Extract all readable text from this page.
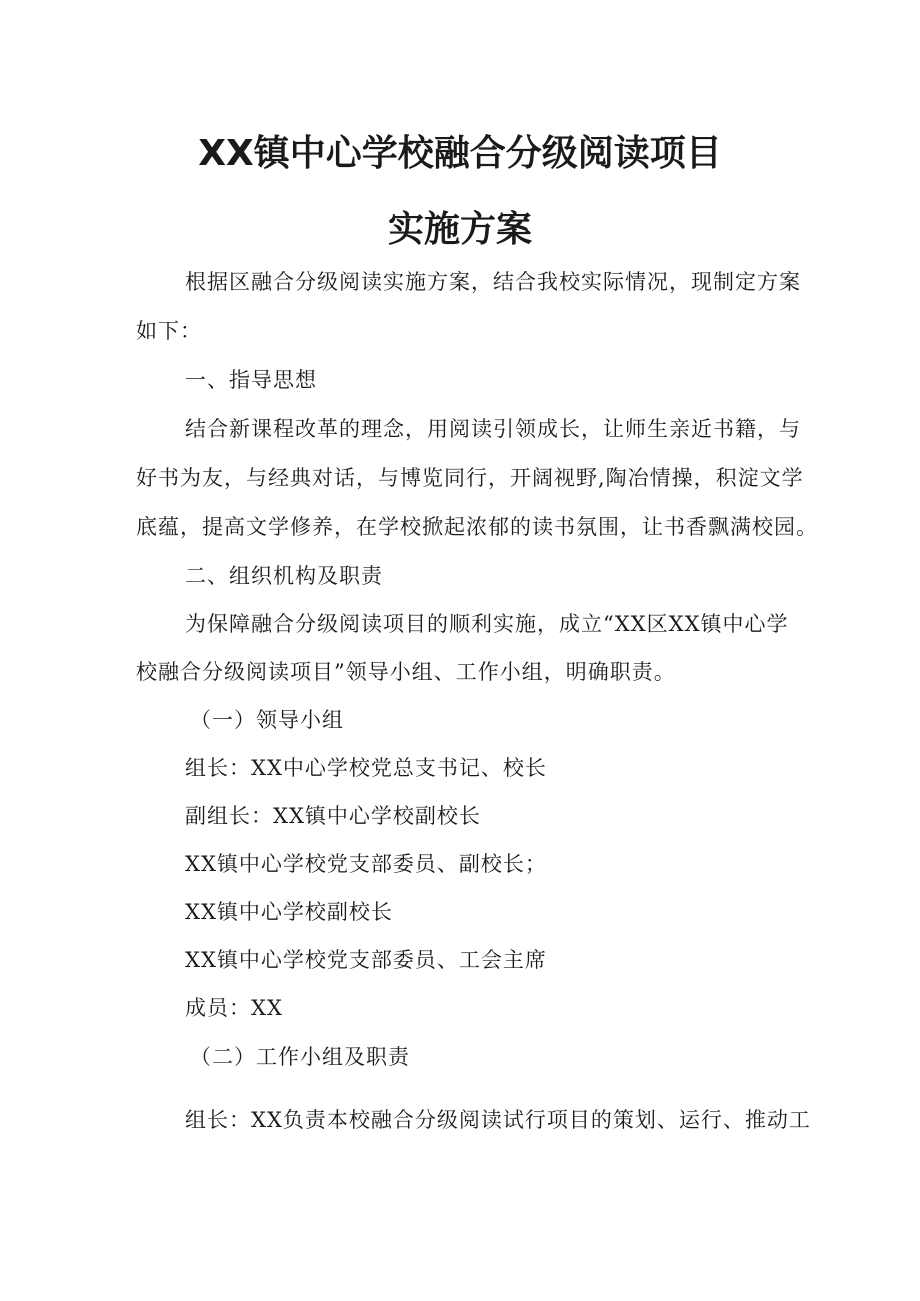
XX镇中心学校融合分级阅读项目
实施方案
根据区融合分级阅读实施方案，结合我校实际情况，现制定方案
如下：
一、指导思想
结合新课程改革的理念，用阅读引领成长，让师生亲近书籍，与
好书为友，与经典对话，与博览同行，开阔视野,陶冶情操，积淀文学
底蕴，提高文学修养，在学校掀起浓郁的读书氛围，让书香飘满校园。
二、组织机构及职责
为保障融合分级阅读项目的顺利实施，成立“XX区XX镇中心学
校融合分级阅读项目”领导小组、工作小组，明确职责。
（一）领导小组
组长：XX中心学校党总支书记、校长
副组长：XX镇中心学校副校长
XX镇中心学校党支部委员、副校长；
XX镇中心学校副校长
XX镇中心学校党支部委员、工会主席
成员：XX
（二）工作小组及职责
组长：XX负责本校融合分级阅读试行项目的策划、运行、推动工
